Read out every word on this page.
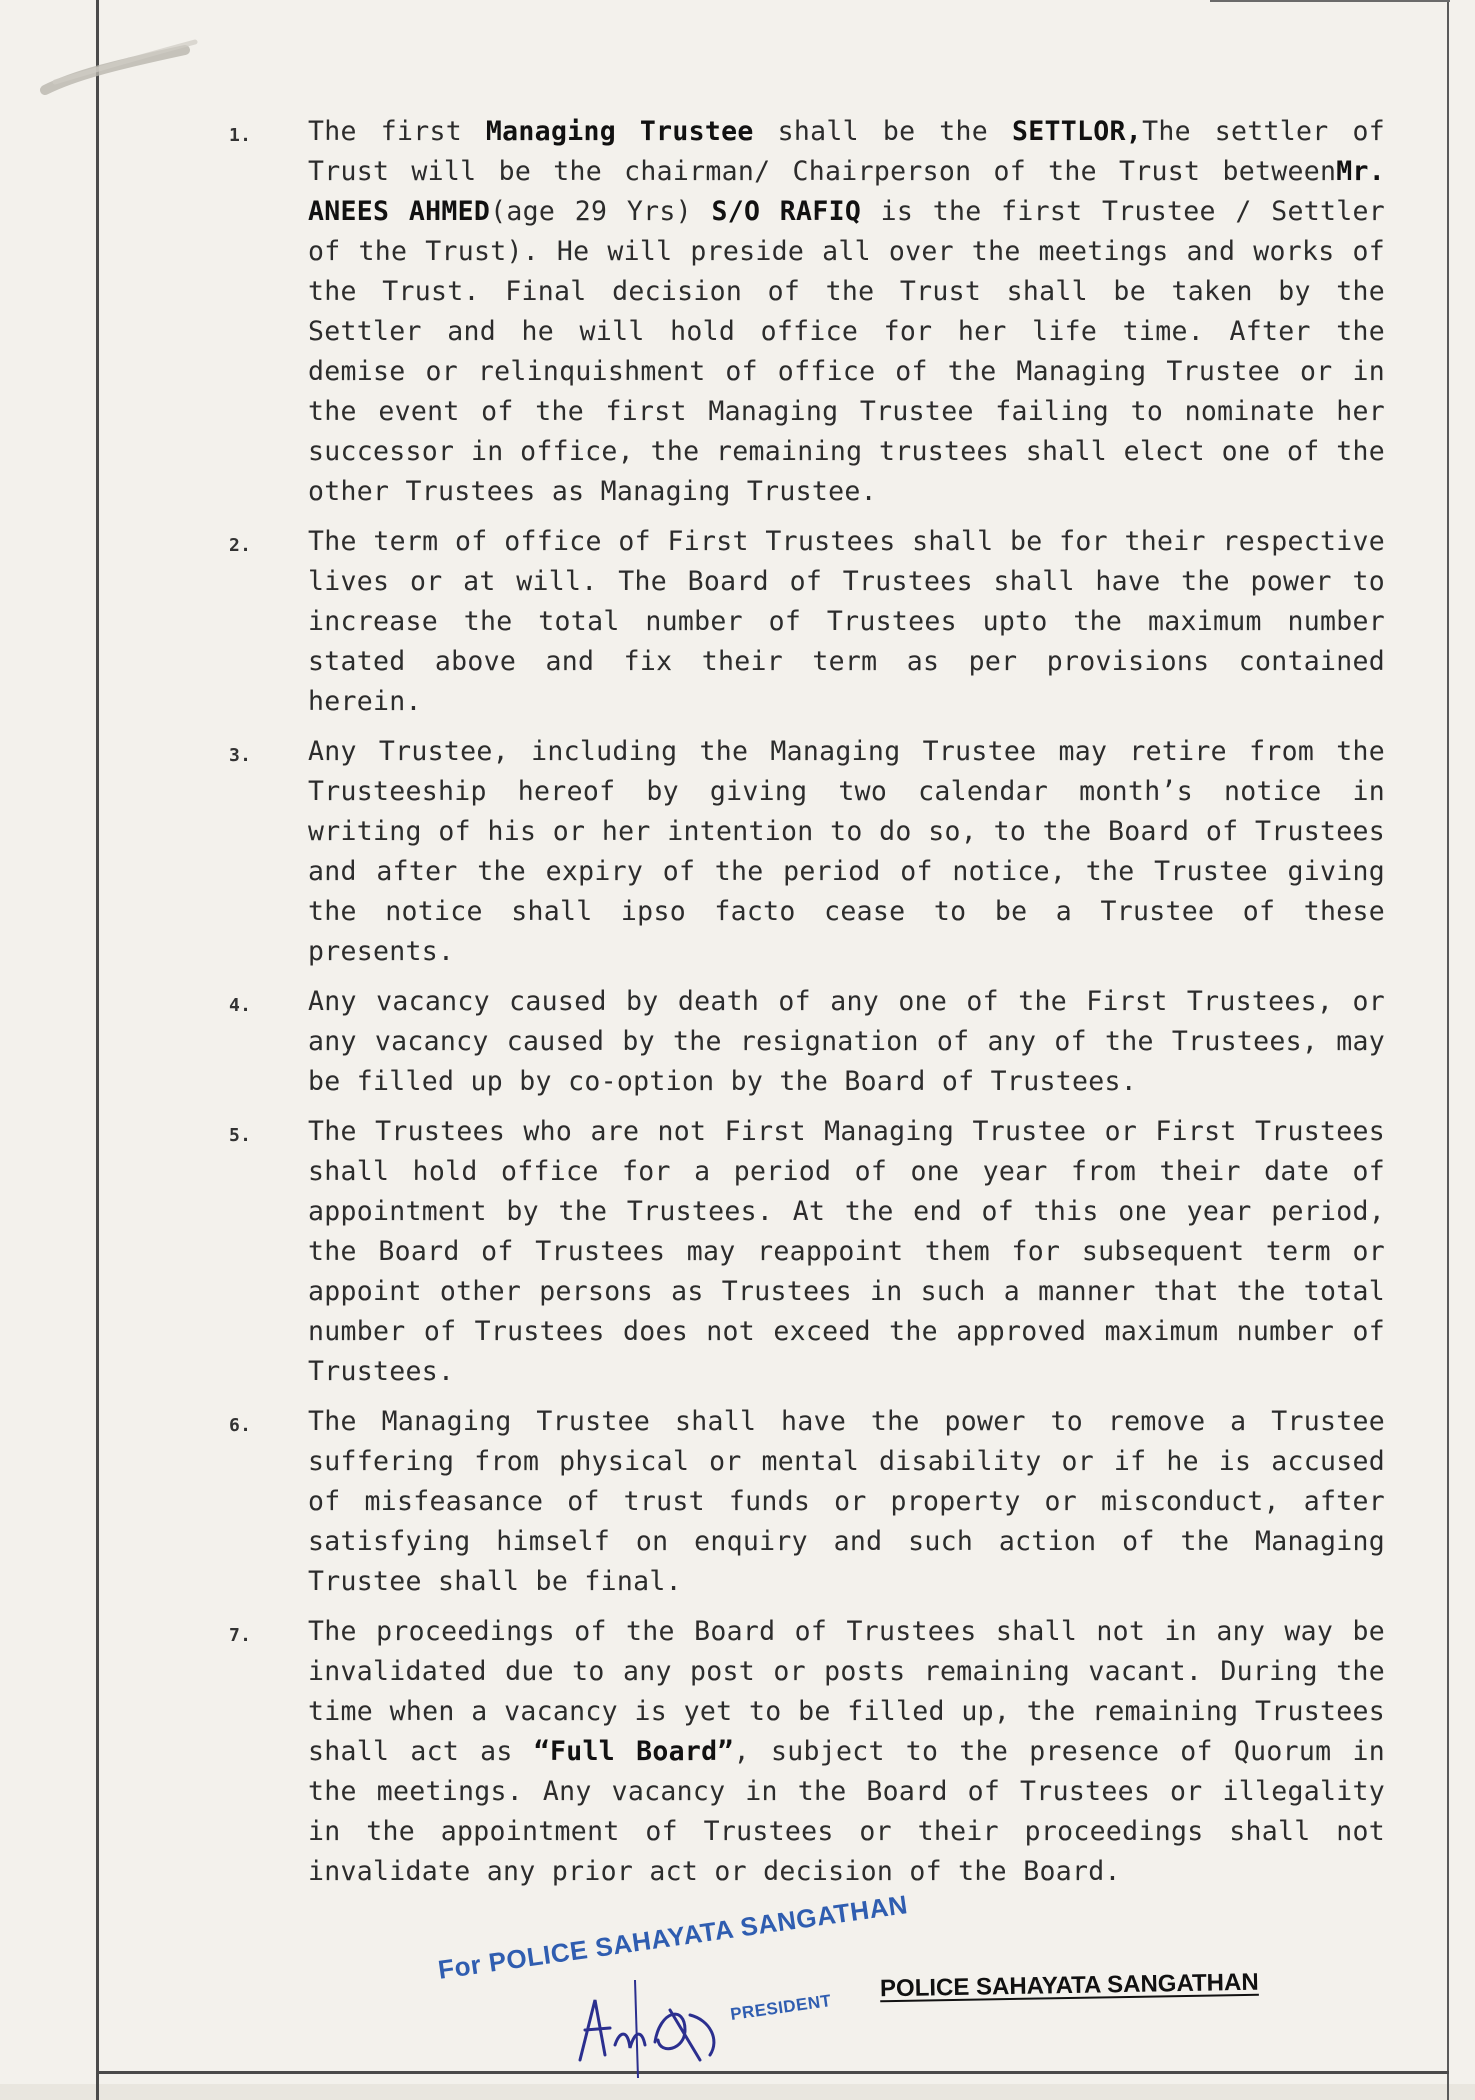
1. The first Managing Trustee shall be the SETTLOR,The settler of Trust will be the chairman/ Chairperson of the Trust betweenMr. ANEES AHMED(age 29 Yrs) S/O RAFIQ is the first Trustee / Settler of the Trust). He will preside all over the meetings and works of the Trust. Final decision of the Trust shall be taken by the Settler and he will hold office for her life time. After the demise or relinquishment of office of the Managing Trustee or in the event of the first Managing Trustee failing to nominate her successor in office, the remaining trustees shall elect one of the other Trustees as Managing Trustee.
2. The term of office of First Trustees shall be for their respective lives or at will. The Board of Trustees shall have the power to increase the total number of Trustees upto the maximum number stated above and fix their term as per provisions contained herein.
3. Any Trustee, including the Managing Trustee may retire from the Trusteeship hereof by giving two calendar month’s notice in writing of his or her intention to do so, to the Board of Trustees and after the expiry of the period of notice, the Trustee giving the notice shall ipso facto cease to be a Trustee of these presents.
4. Any vacancy caused by death of any one of the First Trustees, or any vacancy caused by the resignation of any of the Trustees, may be filled up by co-option by the Board of Trustees.
5. The Trustees who are not First Managing Trustee or First Trustees shall hold office for a period of one year from their date of appointment by the Trustees. At the end of this one year period, the Board of Trustees may reappoint them for subsequent term or appoint other persons as Trustees in such a manner that the total number of Trustees does not exceed the approved maximum number of Trustees.
6. The Managing Trustee shall have the power to remove a Trustee suffering from physical or mental disability or if he is accused of misfeasance of trust funds or property or misconduct, after satisfying himself on enquiry and such action of the Managing Trustee shall be final.
7. The proceedings of the Board of Trustees shall not in any way be invalidated due to any post or posts remaining vacant. During the time when a vacancy is yet to be filled up, the remaining Trustees shall act as “Full Board”, subject to the presence of Quorum in the meetings. Any vacancy in the Board of Trustees or illegality in the appointment of Trustees or their proceedings shall not invalidate any prior act or decision of the Board.
For POLICE SAHAYATA SANGATHAN
PRESIDENT
POLICE SAHAYATA SANGATHAN
